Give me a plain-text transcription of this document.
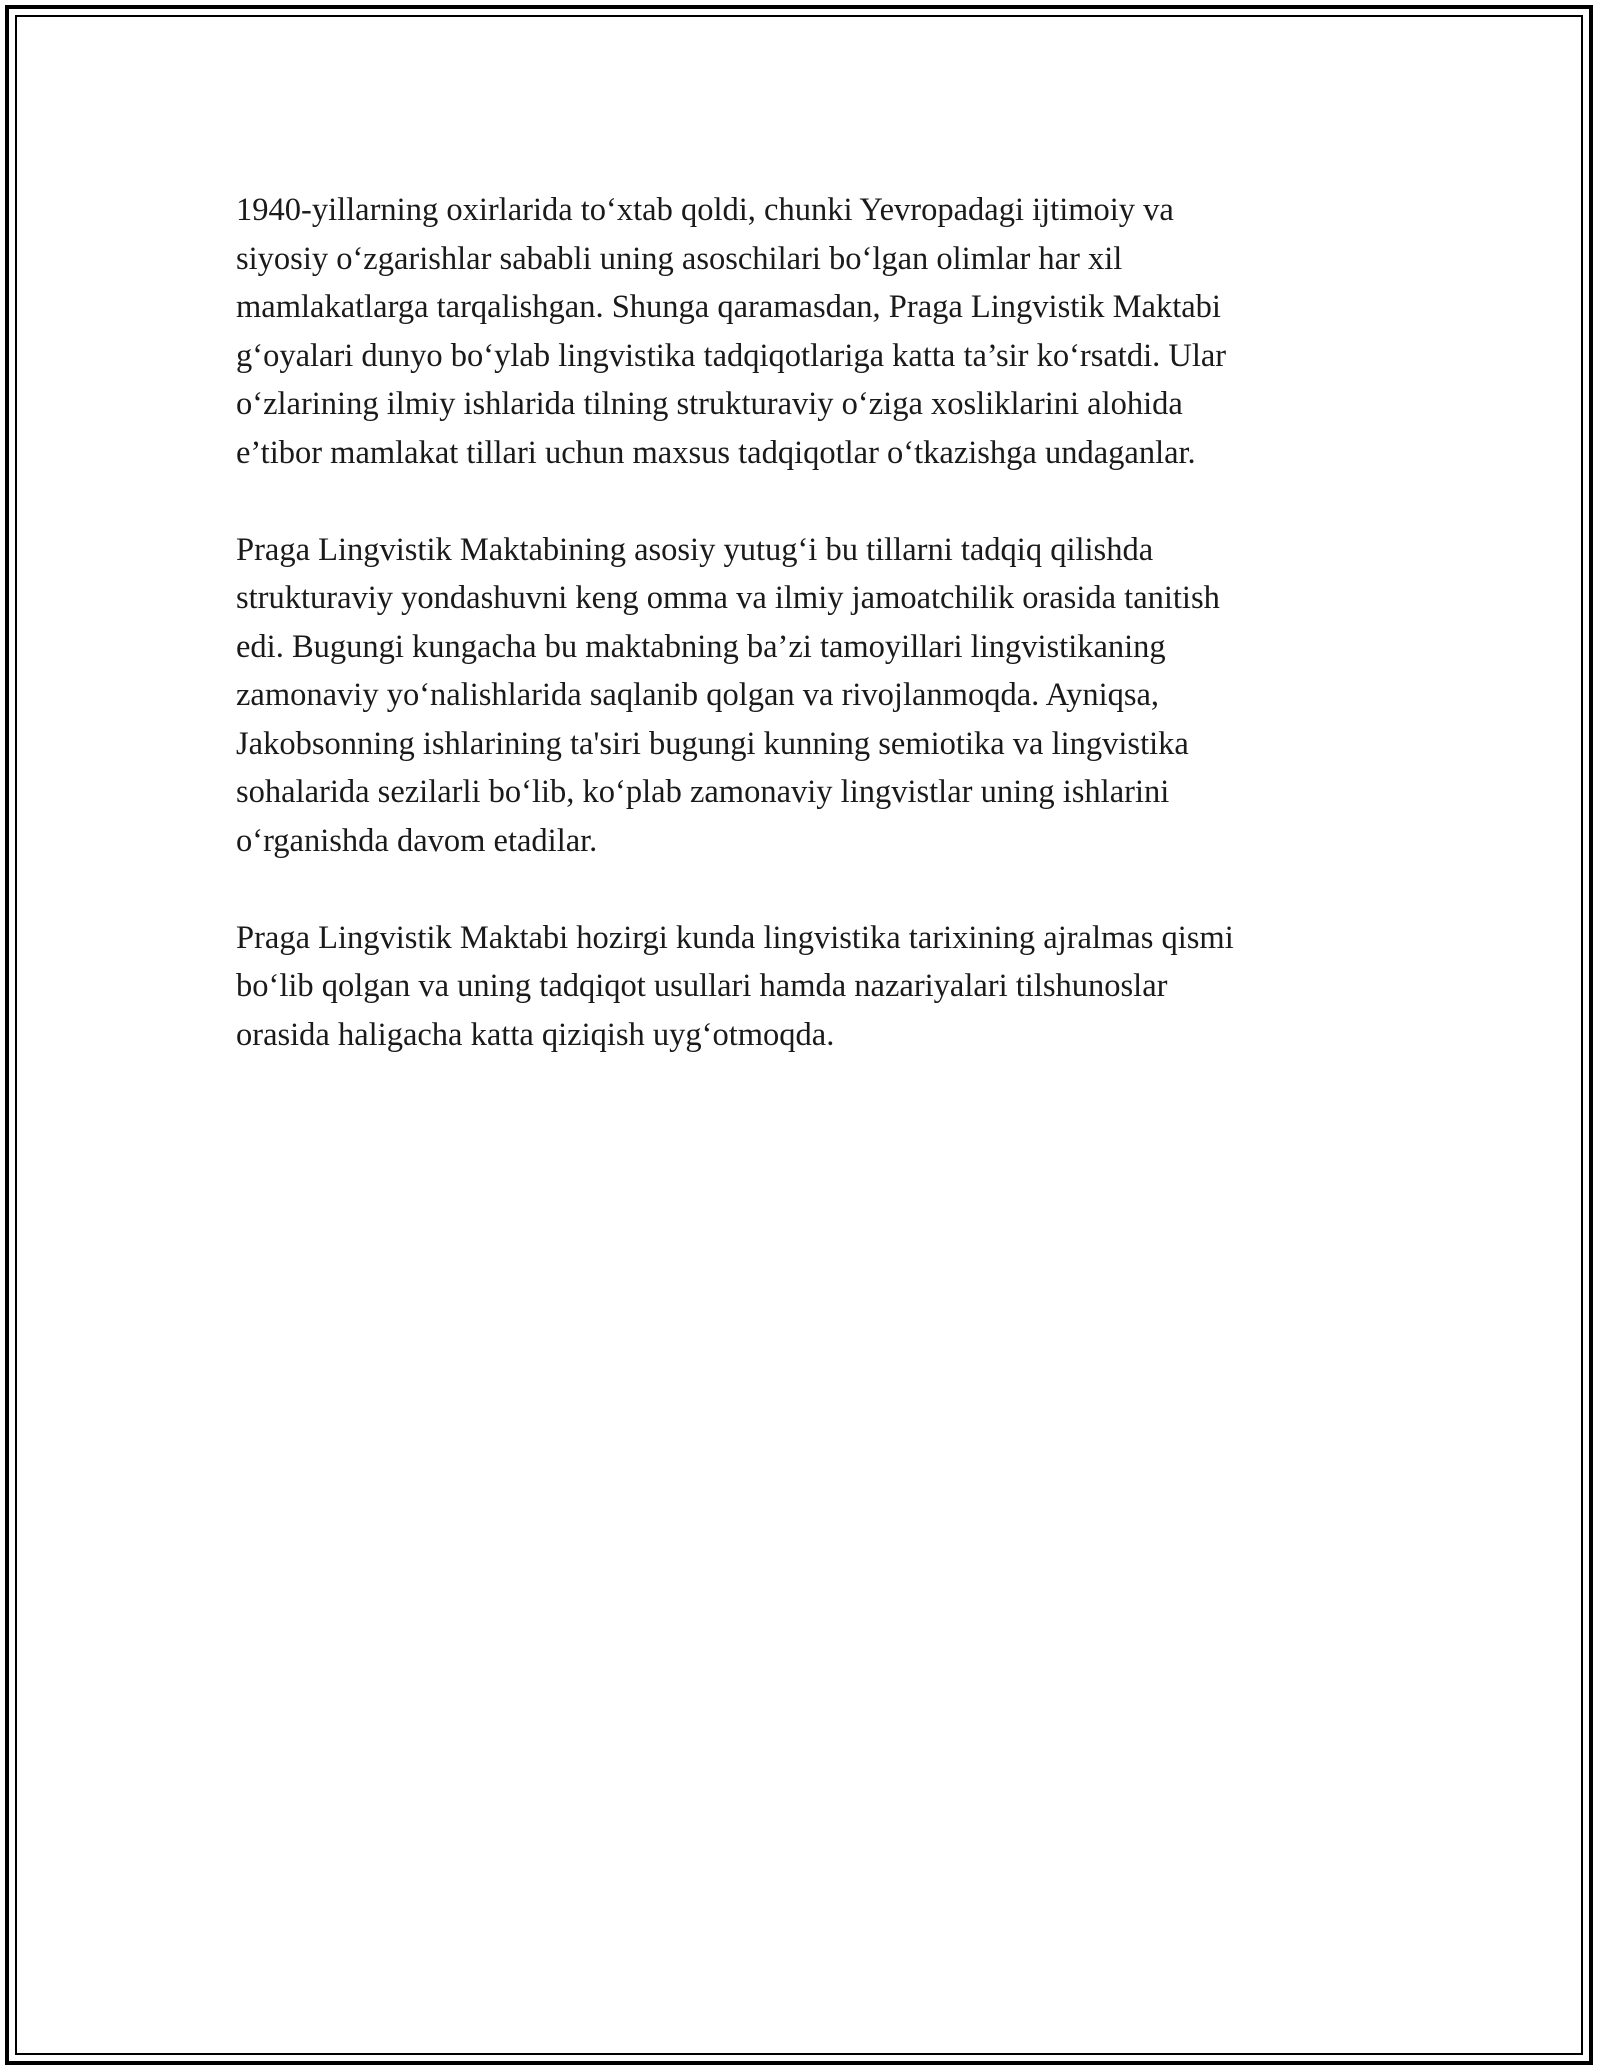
1940-yillarning oxirlarida to‘xtab qoldi, chunki Yevropadagi ijtimoiy va
siyosiy o‘zgarishlar sababli uning asoschilari bo‘lgan olimlar har xil
mamlakatlarga tarqalishgan. Shunga qaramasdan, Praga Lingvistik Maktabi
g‘oyalari dunyo bo‘ylab lingvistika tadqiqotlariga katta ta’sir ko‘rsatdi. Ular
o‘zlarining ilmiy ishlarida tilning strukturaviy o‘ziga xosliklarini alohida
e’tibor mamlakat tillari uchun maxsus tadqiqotlar o‘tkazishga undaganlar.

Praga Lingvistik Maktabining asosiy yutug‘i bu tillarni tadqiq qilishda
strukturaviy yondashuvni keng omma va ilmiy jamoatchilik orasida tanitish
edi. Bugungi kungacha bu maktabning ba’zi tamoyillari lingvistikaning
zamonaviy yo‘nalishlarida saqlanib qolgan va rivojlanmoqda. Ayniqsa,
Jakobsonning ishlarining ta'siri bugungi kunning semiotika va lingvistika
sohalarida sezilarli bo‘lib, ko‘plab zamonaviy lingvistlar uning ishlarini
o‘rganishda davom etadilar.

Praga Lingvistik Maktabi hozirgi kunda lingvistika tarixining ajralmas qismi
bo‘lib qolgan va uning tadqiqot usullari hamda nazariyalari tilshunoslar
orasida haligacha katta qiziqish uyg‘otmoqda.
